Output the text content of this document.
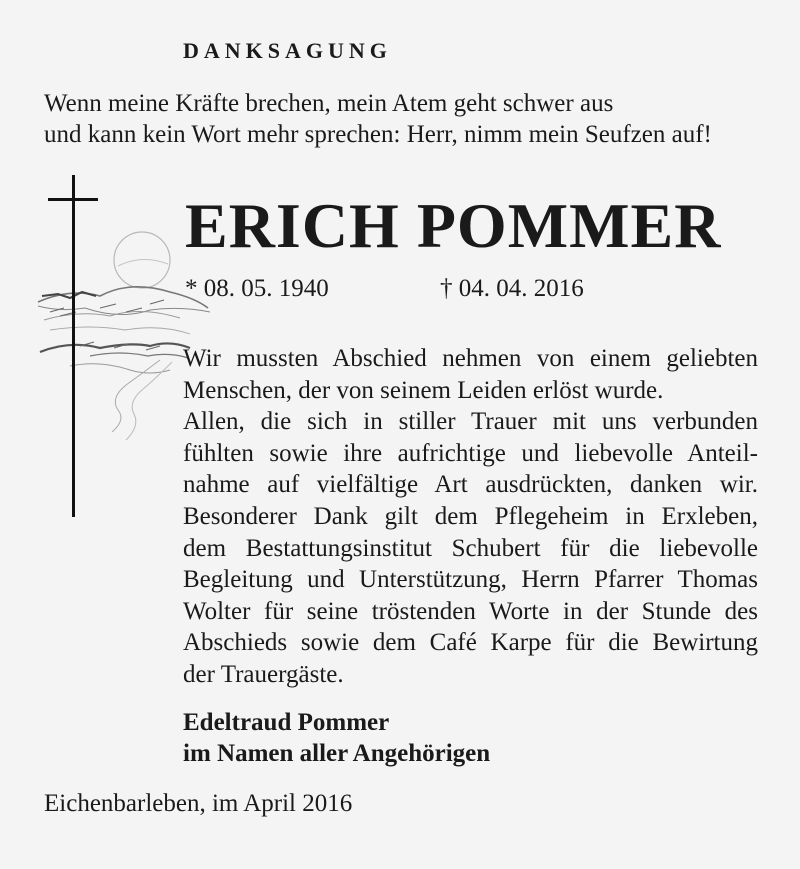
DANKSAGUNG
Wenn meine Kräfte brechen, mein Atem geht schwer aus
und kann kein Wort mehr sprechen: Herr, nimm mein Seufzen auf!
ERICH POMMER
* 08. 05. 1940	† 04. 04. 2016
Wir mussten Abschied nehmen von einem geliebten
Menschen, der von seinem Leiden erlöst wurde.
Allen, die sich in stiller Trauer mit uns verbunden
fühlten sowie ihre aufrichtige und liebevolle Anteil-
nahme auf vielfältige Art ausdrückten, danken wir.
Besonderer Dank gilt dem Pflegeheim in Erxleben,
dem Bestattungsinstitut Schubert für die liebevolle
Begleitung und Unterstützung, Herrn Pfarrer Thomas
Wolter für seine tröstenden Worte in der Stunde des
Abschieds sowie dem Café Karpe für die Bewirtung
der Trauergäste.
Edeltraud Pommer
im Namen aller Angehörigen
Eichenbarleben, im April 2016
